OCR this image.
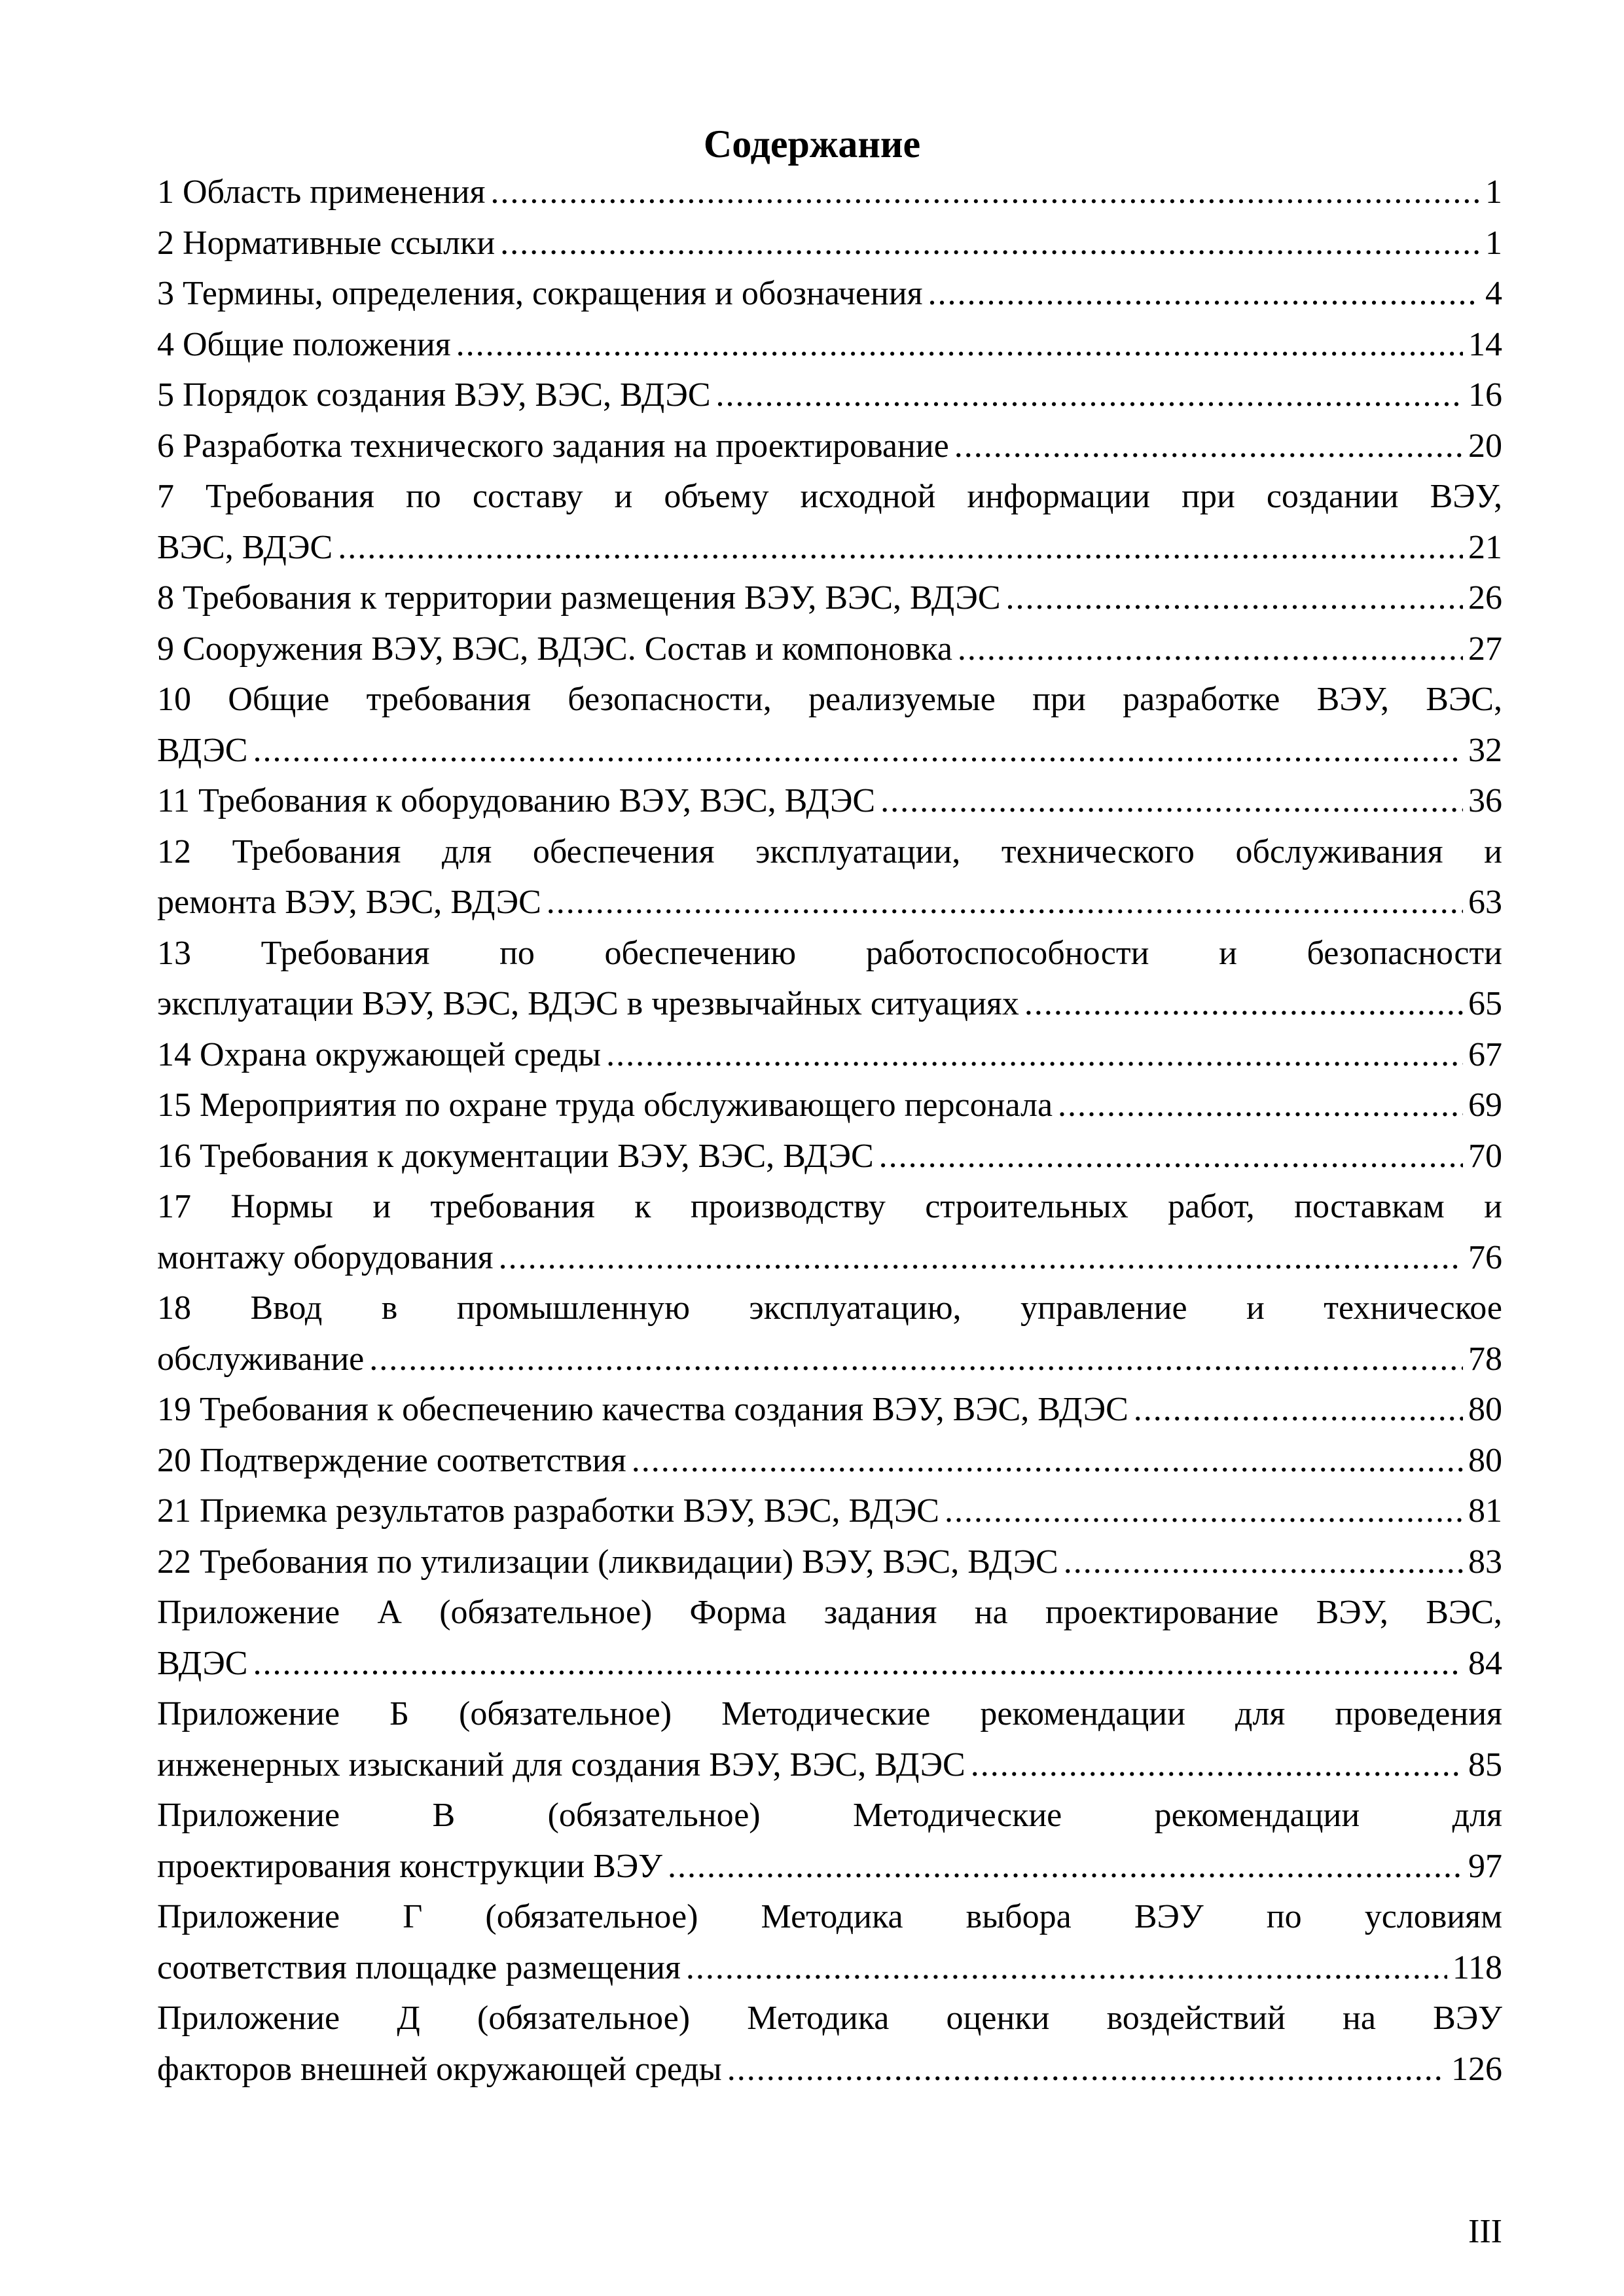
Содержание
1 Область применения .....	1
2 Нормативные ссылки .....	1
3 Термины, определения, сокращения и обозначения .....	4
4 Общие положения .....	14
5 Порядок создания ВЭУ, ВЭС, ВДЭС .....	16
6 Разработка технического задания на проектирование .....	20
7 Требования по составу и объему исходной информации при создании ВЭУ,
ВЭС, ВДЭС .....	21
8 Требования к территории размещения ВЭУ, ВЭС, ВДЭС .....	26
9 Сооружения ВЭУ, ВЭС, ВДЭС. Состав и компоновка .....	27
10 Общие требования безопасности, реализуемые при разработке ВЭУ, ВЭС,
ВДЭС .....	32
11 Требования к оборудованию ВЭУ, ВЭС, ВДЭС .....	36
12 Требования для обеспечения эксплуатации, технического обслуживания и
ремонта ВЭУ, ВЭС, ВДЭС .....	63
13 Требования по обеспечению работоспособности и безопасности
эксплуатации ВЭУ, ВЭС, ВДЭС в чрезвычайных ситуациях .....	65
14 Охрана окружающей среды .....	67
15 Мероприятия по охране труда обслуживающего персонала .....	69
16 Требования к документации ВЭУ, ВЭС, ВДЭС .....	70
17 Нормы и требования к производству строительных работ, поставкам и
монтажу оборудования .....	76
18 Ввод в промышленную эксплуатацию, управление и техническое
обслуживание .....	78
19 Требования к обеспечению качества создания ВЭУ, ВЭС, ВДЭС .....	80
20 Подтверждение соответствия .....	80
21 Приемка результатов разработки ВЭУ, ВЭС, ВДЭС .....	81
22 Требования по утилизации (ликвидации) ВЭУ, ВЭС, ВДЭС .....	83
Приложение А (обязательное) Форма задания на проектирование ВЭУ, ВЭС,
ВДЭС .....	84
Приложение Б (обязательное) Методические рекомендации для проведения
инженерных изысканий для создания ВЭУ, ВЭС, ВДЭС .....	85
Приложение	В	(обязательное)	Методические	рекомендации	для
проектирования конструкции ВЭУ .....	97
Приложение Г (обязательное) Методика выбора ВЭУ по условиям
соответствия площадке размещения .....	118
Приложение Д (обязательное) Методика оценки воздействий на ВЭУ
факторов внешней окружающей среды .....	126
III
